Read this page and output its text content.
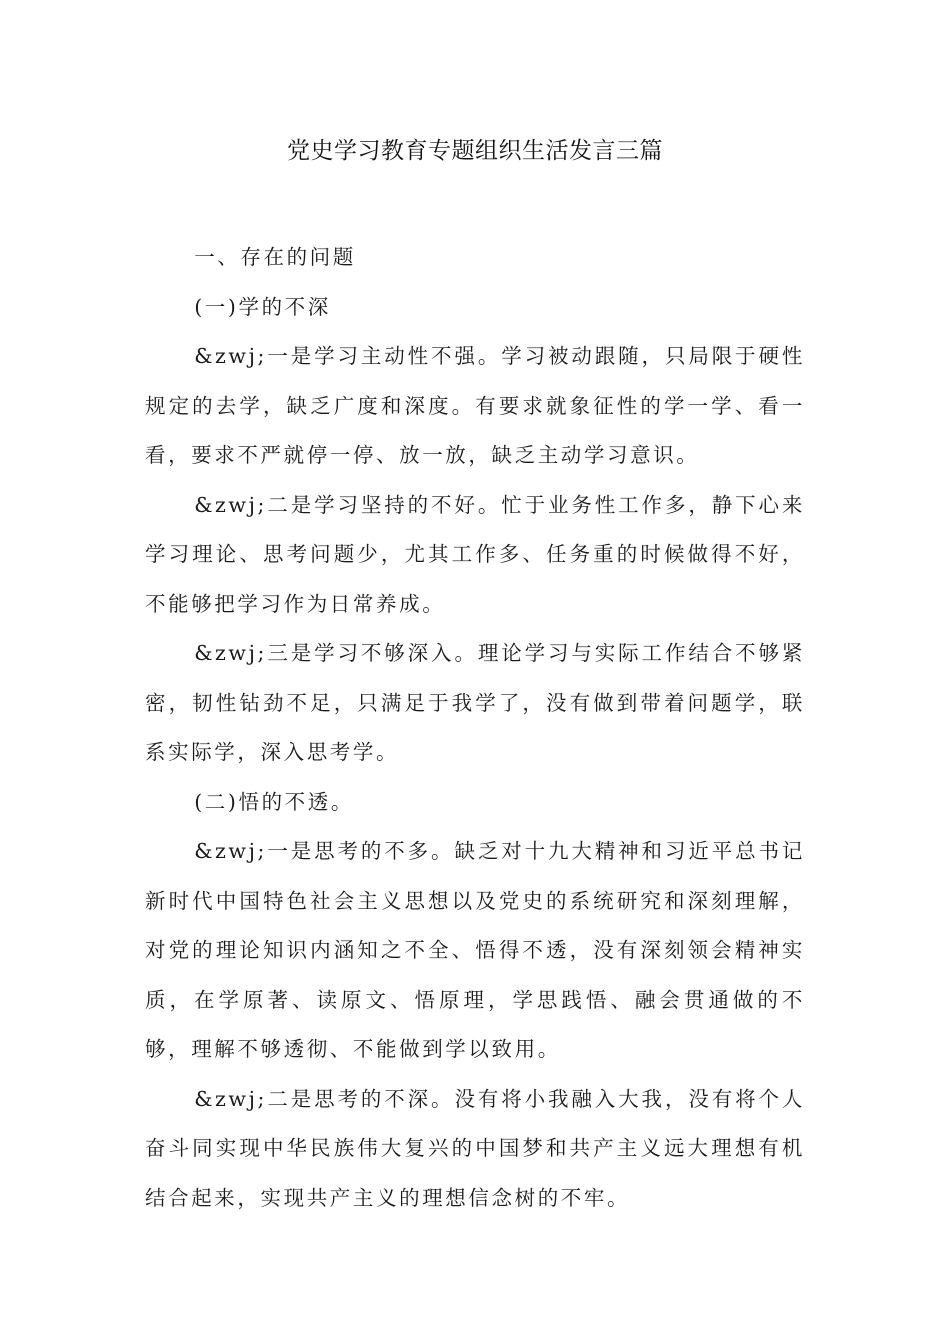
党史学习教育专题组织生活发言三篇

一、存在的问题

(一)学的不深

&zwj;一是学习主动性不强。学习被动跟随，只局限于硬性规定的去学，缺乏广度和深度。有要求就象征性的学一学、看一看，要求不严就停一停、放一放，缺乏主动学习意识。

&zwj;二是学习坚持的不好。忙于业务性工作多，静下心来学习理论、思考问题少，尤其工作多、任务重的时候做得不好，不能够把学习作为日常养成。

&zwj;三是学习不够深入。理论学习与实际工作结合不够紧密，韧性钻劲不足，只满足于我学了，没有做到带着问题学，联系实际学，深入思考学。

(二)悟的不透。

&zwj;一是思考的不多。缺乏对十九大精神和习近平总书记新时代中国特色社会主义思想以及党史的系统研究和深刻理解，对党的理论知识内涵知之不全、悟得不透，没有深刻领会精神实质，在学原著、读原文、悟原理，学思践悟、融会贯通做的不够，理解不够透彻、不能做到学以致用。

&zwj;二是思考的不深。没有将小我融入大我，没有将个人奋斗同实现中华民族伟大复兴的中国梦和共产主义远大理想有机结合起来，实现共产主义的理想信念树的不牢。
